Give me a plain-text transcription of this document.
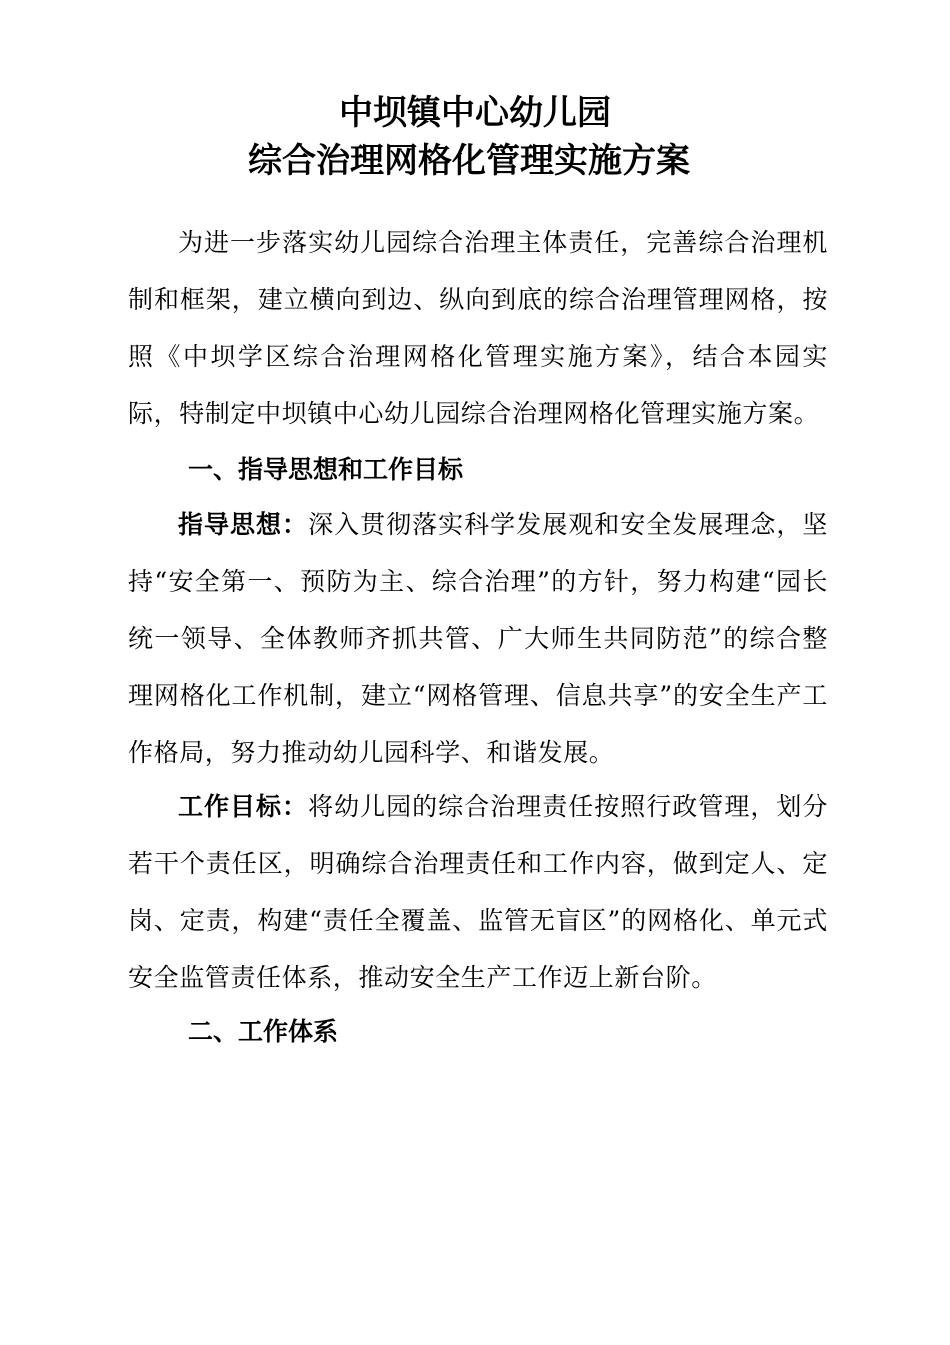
中坝镇中心幼儿园
综合治理网格化管理实施方案

为进一步落实幼儿园综合治理主体责任，完善综合治理机制和框架，建立横向到边、纵向到底的综合治理管理网格，按照《中坝学区综合治理网格化管理实施方案》，结合本园实际，特制定中坝镇中心幼儿园综合治理网格化管理实施方案。

一、指导思想和工作目标

指导思想：深入贯彻落实科学发展观和安全发展理念，坚持“安全第一、预防为主、综合治理”的方针，努力构建“园长统一领导、全体教师齐抓共管、广大师生共同防范”的综合整理网格化工作机制，建立“网格管理、信息共享”的安全生产工作格局，努力推动幼儿园科学、和谐发展。

工作目标：将幼儿园的综合治理责任按照行政管理，划分若干个责任区，明确综合治理责任和工作内容，做到定人、定岗、定责，构建“责任全覆盖、监管无盲区”的网格化、单元式安全监管责任体系，推动安全生产工作迈上新台阶。

二、工作体系
